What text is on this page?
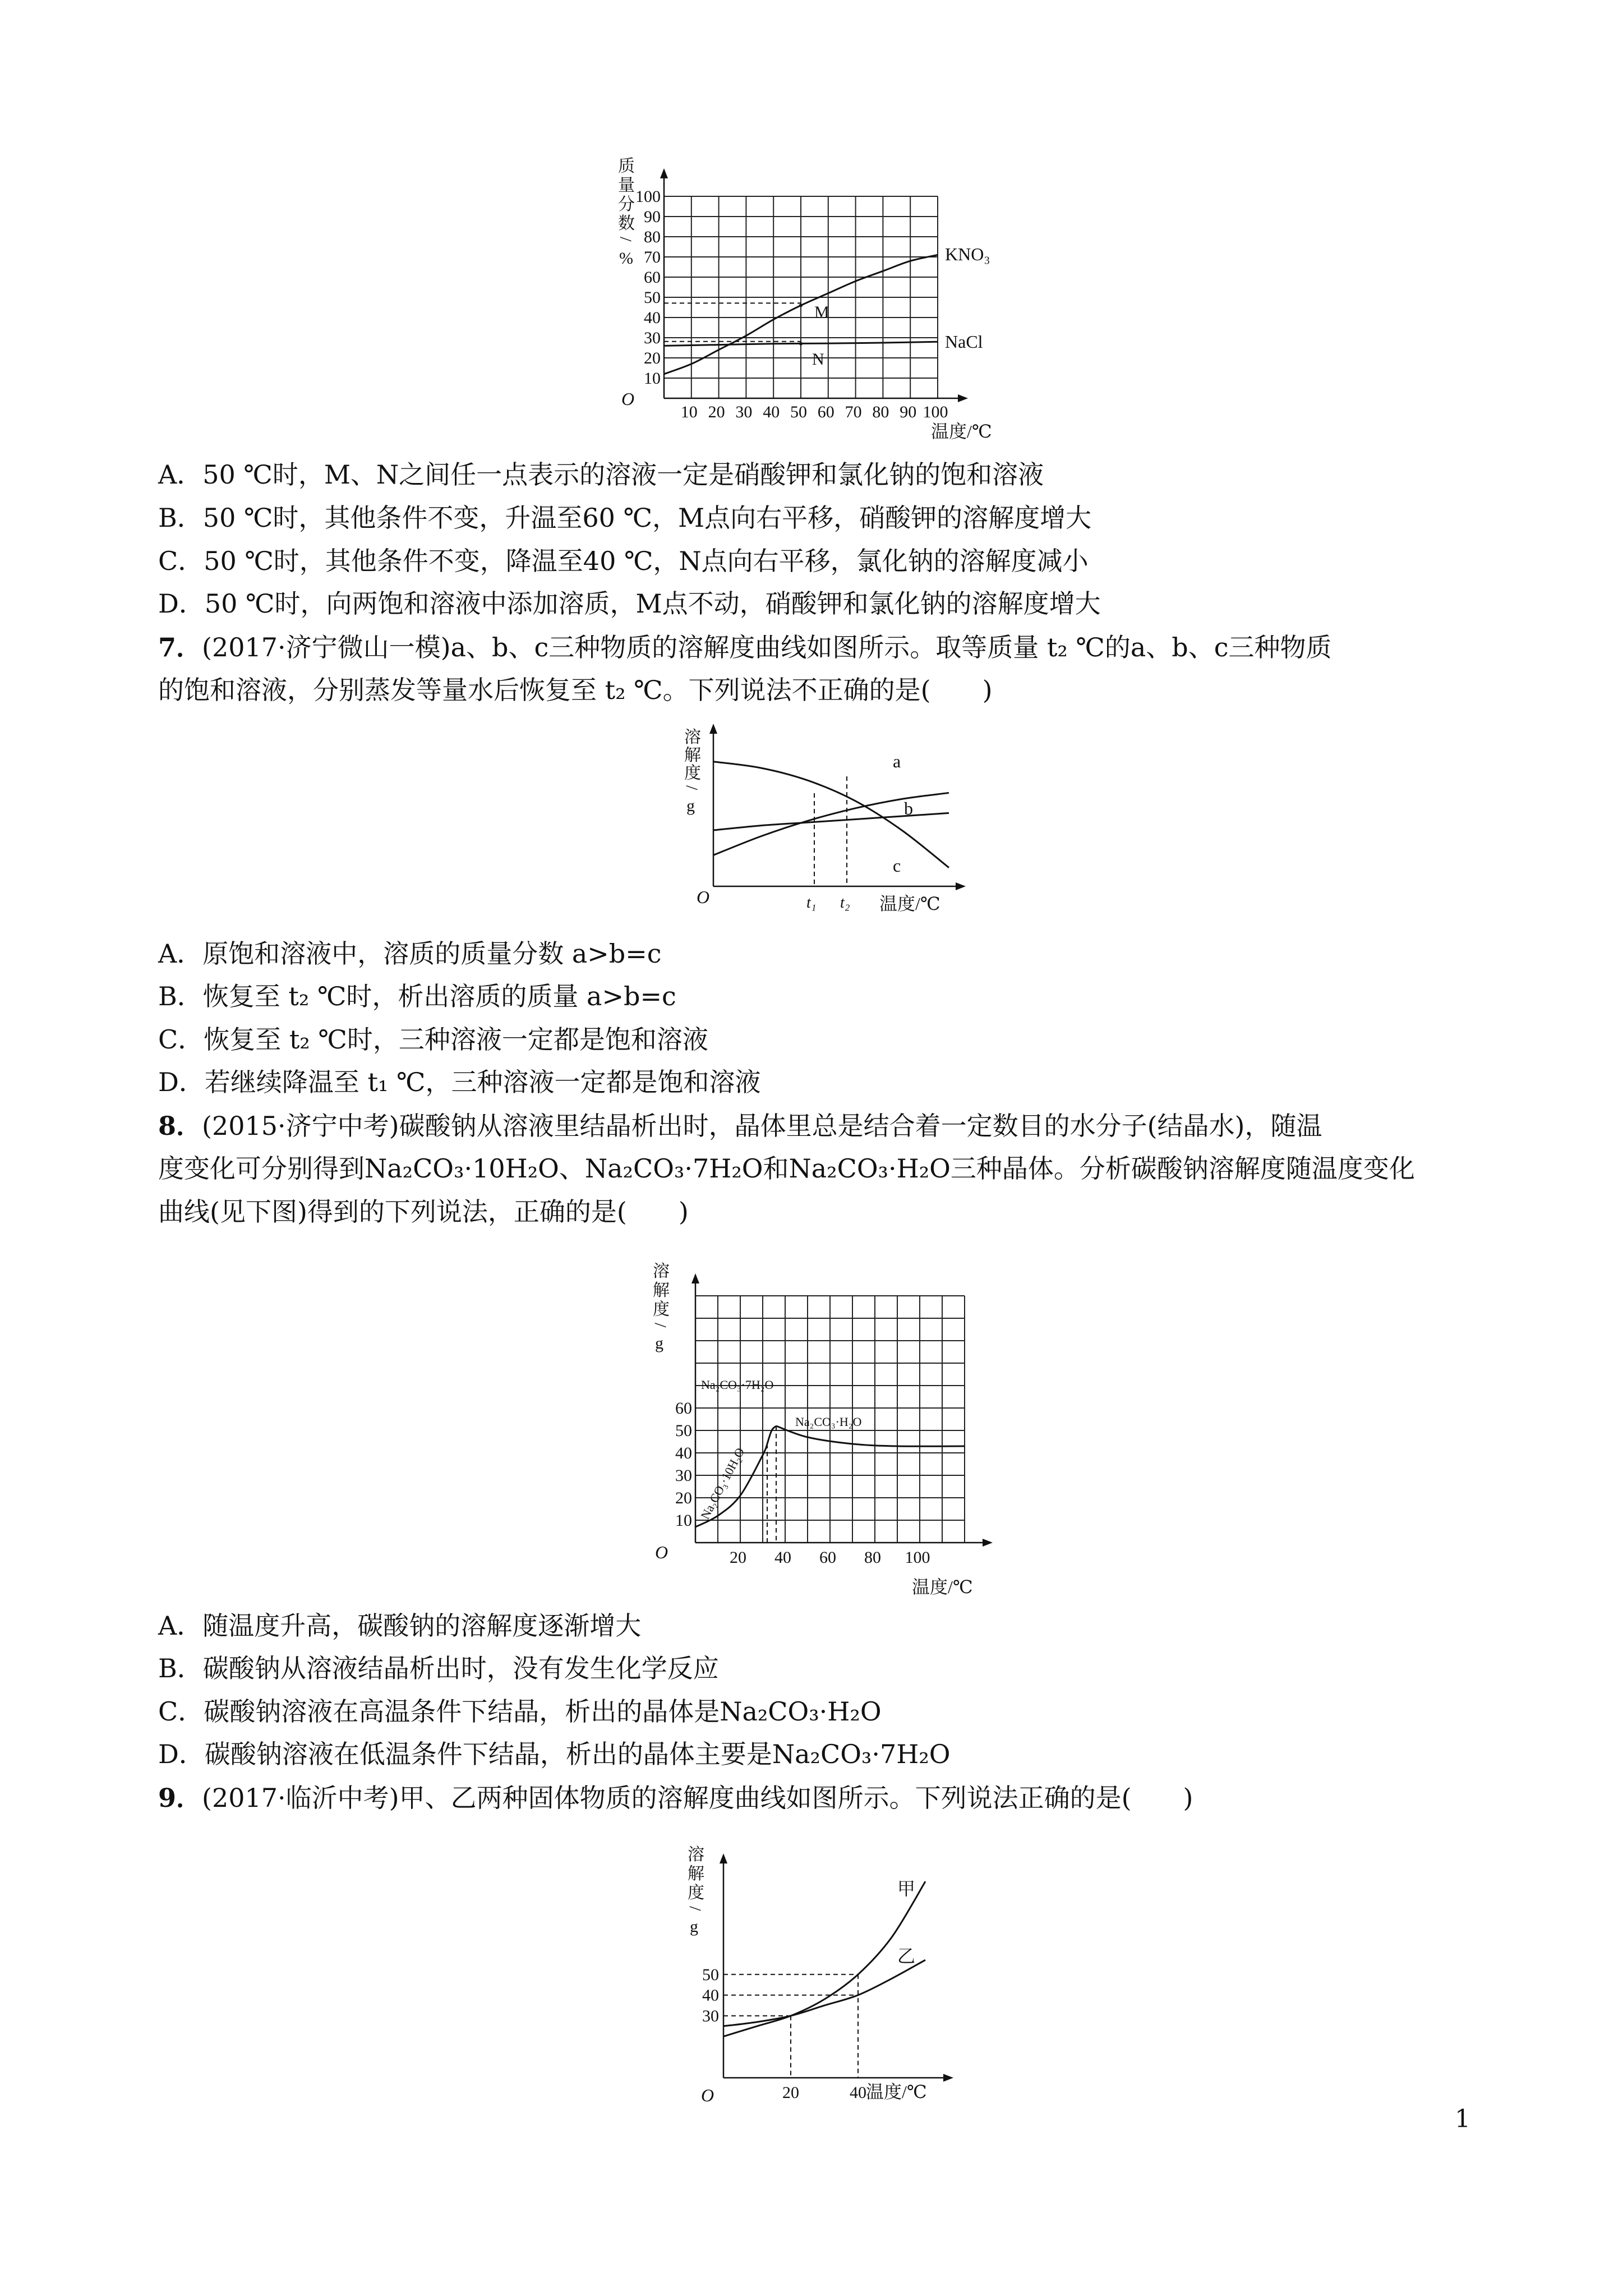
质
量
分
数
/
%
10
20
30
40
50
60
70
80
90
100
10 20 30 40 50 60 70 80 90 100
O
KNO₃
NaCl
M
N
温度/℃
A．50 ℃时，M、N之间任一点表示的溶液一定是硝酸钾和氯化钠的饱和溶液
B．50 ℃时，其他条件不变，升温至60 ℃，M点向右平移，硝酸钾的溶解度增大
C．50 ℃时，其他条件不变，降温至40 ℃，N点向右平移，氯化钠的溶解度减小
D．50 ℃时，向两饱和溶液中添加溶质，M点不动，硝酸钾和氯化钠的溶解度增大
7．(2017·济宁微山一模)a、b、c三种物质的溶解度曲线如图所示。取等质量 t₂ ℃的a、b、c三种物质
的饱和溶液，分别蒸发等量水后恢复至 t₂ ℃。下列说法不正确的是(　　)
溶
解
度
/
g
O	t₁ t₂ 温度/℃
a
b
c
A．原饱和溶液中，溶质的质量分数 a>b=c
B．恢复至 t₂ ℃时，析出溶质的质量 a>b=c
C．恢复至 t₂ ℃时，三种溶液一定都是饱和溶液
D．若继续降温至 t₁ ℃，三种溶液一定都是饱和溶液
8．(2015·济宁中考)碳酸钠从溶液里结晶析出时，晶体里总是结合着一定数目的水分子(结晶水)，随温
度变化可分别得到Na₂CO₃·10H₂O、Na₂CO₃·7H₂O和Na₂CO₃·H₂O三种晶体。分析碳酸钠溶解度随温度变化
曲线(见下图)得到的下列说法，正确的是(　　)
溶
解
度
/
g
10
20
30
40
50
60
20 40 60 80 100
O
Na₂CO₃·7H₂O
Na₂CO₃·H₂O
Na₂CO₃·10H₂O
温度/℃
A．随温度升高，碳酸钠的溶解度逐渐增大
B．碳酸钠从溶液结晶析出时，没有发生化学反应
C．碳酸钠溶液在高温条件下结晶，析出的晶体是Na₂CO₃·H₂O
D．碳酸钠溶液在低温条件下结晶，析出的晶体主要是Na₂CO₃·7H₂O
9．(2017·临沂中考)甲、乙两种固体物质的溶解度曲线如图所示。下列说法正确的是(　　)
溶
解
度
/
g
30
40
50
20	40
O	温度/℃
甲
乙
1
